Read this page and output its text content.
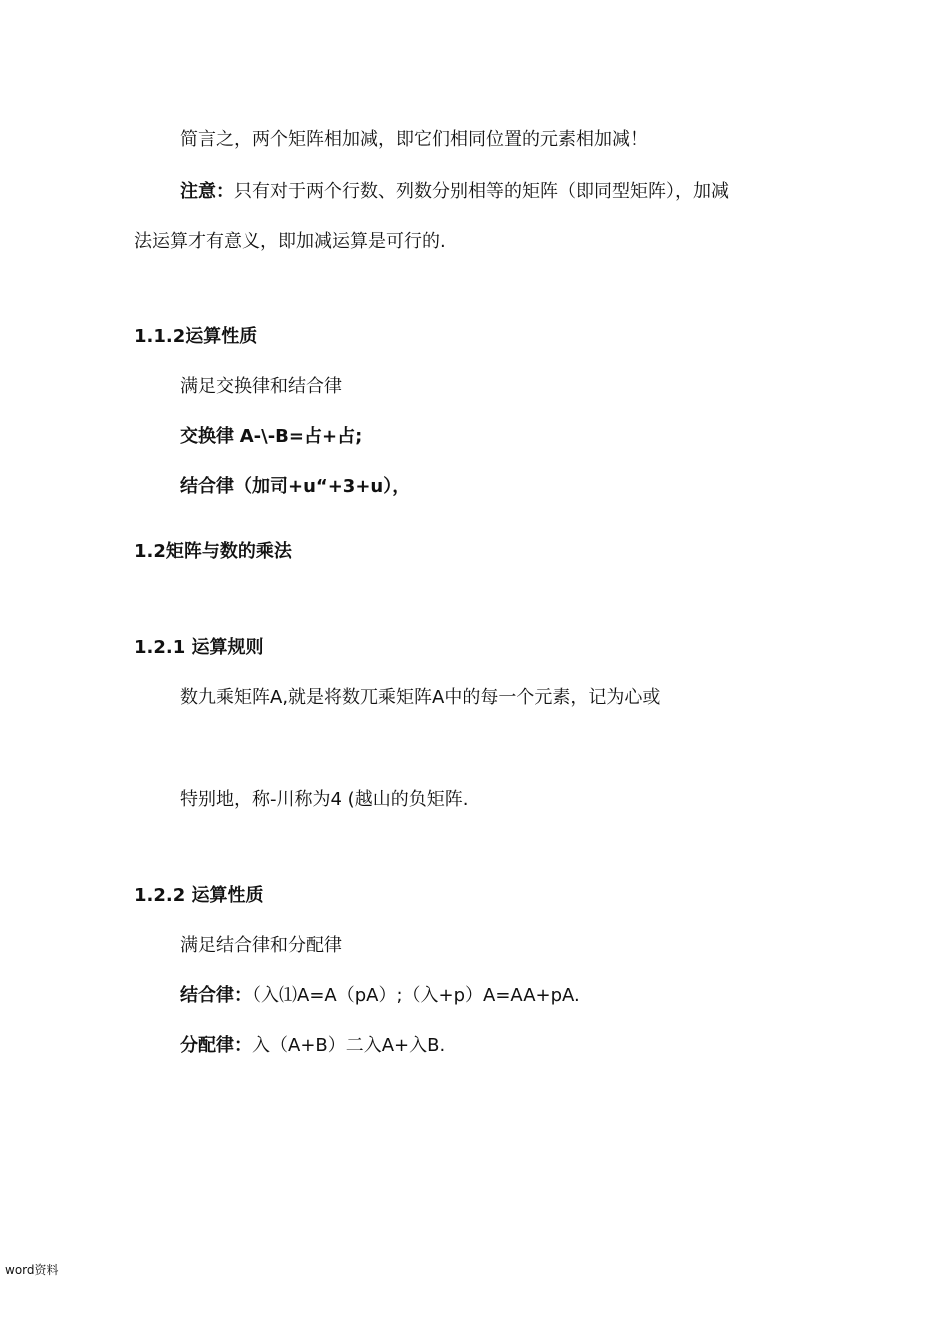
简言之，两个矩阵相加减，即它们相同位置的元素相加减！
注意：只有对于两个行数、列数分别相等的矩阵（即同型矩阵），加减
法运算才有意义，即加减运算是可行的.
1.1.2运算性质
满足交换律和结合律
交换律 A-\-B=占+占;
结合律（加司+u“+3+u），
1.2矩阵与数的乘法
1.2.1 运算规则
数九乘矩阵A,就是将数兀乘矩阵A中的每一个元素，记为心或
特别地，称-川称为4 (越山的负矩阵.
1.2.2 运算性质
满足结合律和分配律
结合律：（入⑴A=A（pA）;（入+p）A=AA+pA.
分配律：入（A+B）二入A+入B.
word资料
